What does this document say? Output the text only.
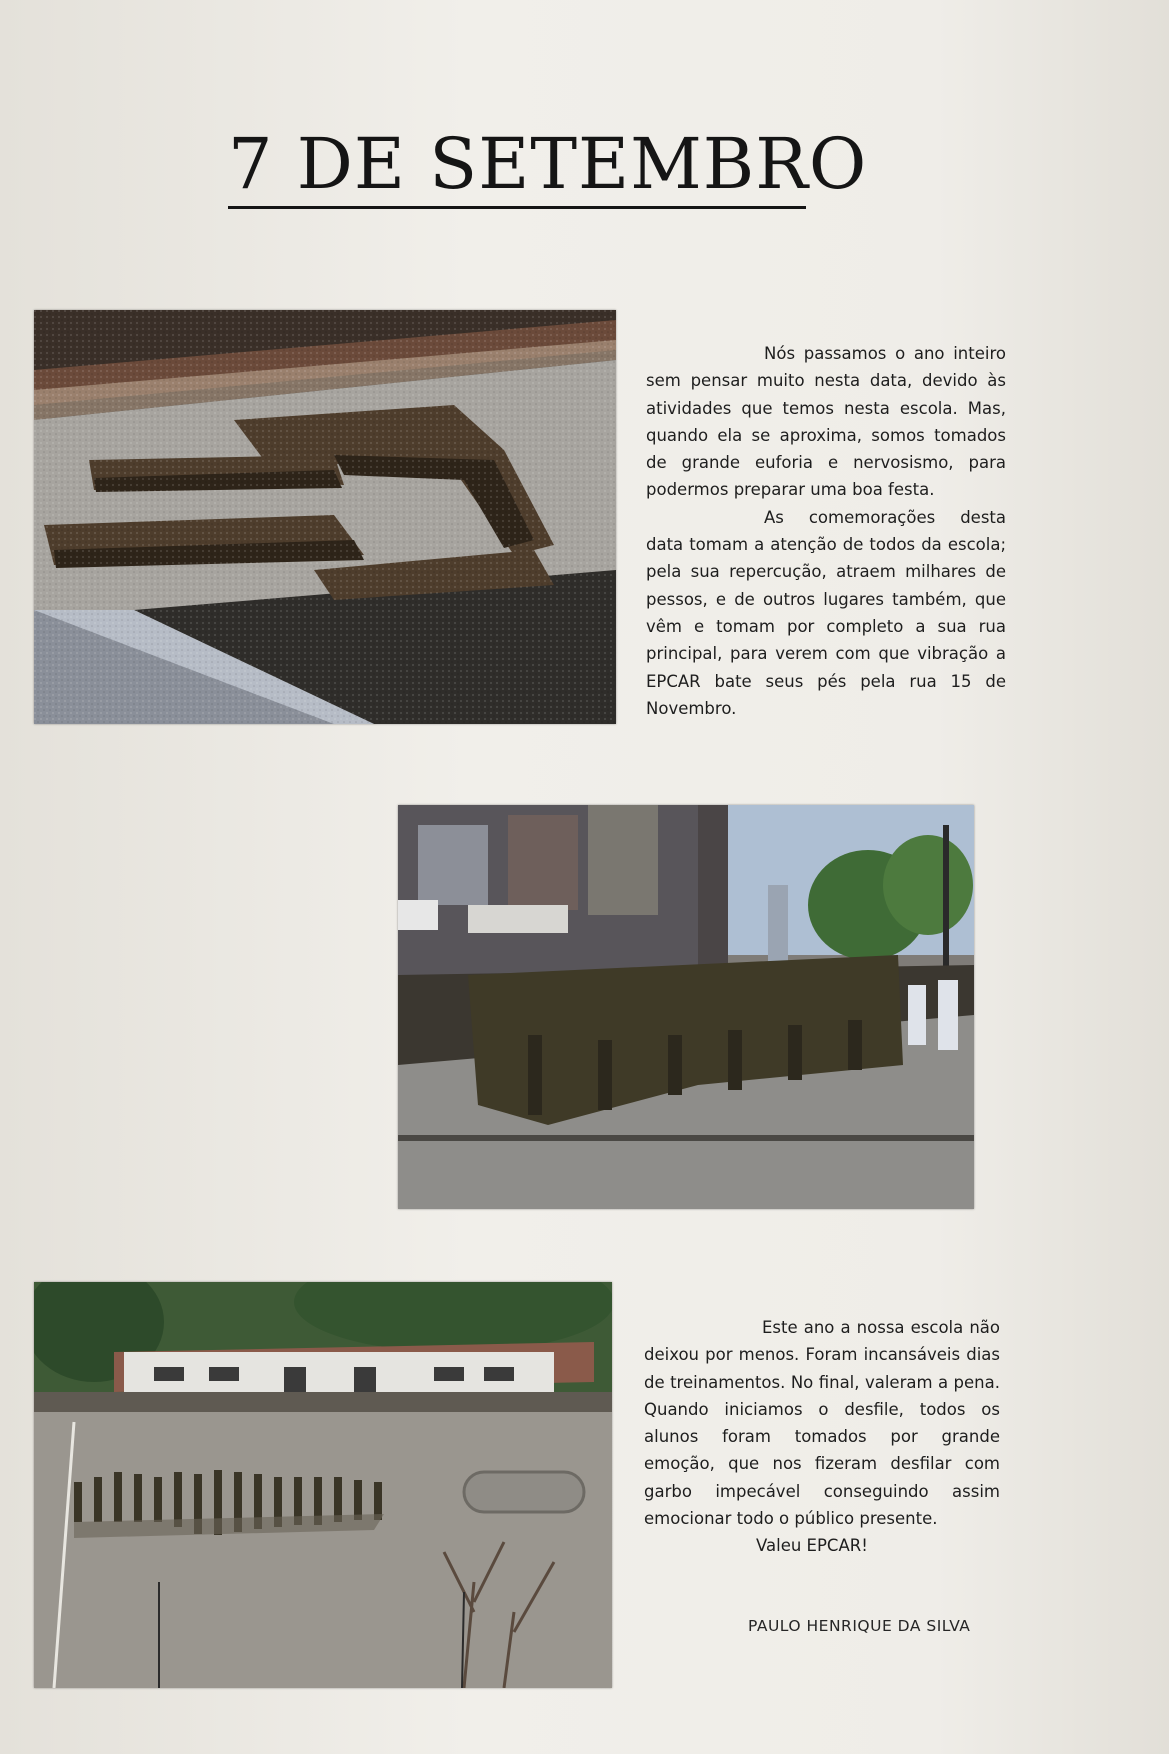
7 DE SETEMBRO

Nós passamos o ano inteiro sem pensar muito nesta data, devido às atividades que temos nesta escola. Mas, quando ela se aproxima, somos tomados de grande euforia e nervosismo, para podermos preparar uma boa festa.

As comemorações desta data tomam a atenção de todos da escola; pela sua repercução, atraem milhares de pessos, e de outros lugares também, que vêm e tomam por completo a sua rua principal, para verem com que vibração a EPCAR bate seus pés pela rua 15 de Novembro.

Este ano a nossa escola não deixou por menos. Foram incansáveis dias de treinamentos. No final, valeram a pena. Quando iniciamos o desfile, todos os alunos foram tomados por grande emoção, que nos fizeram desfilar com garbo impecável conseguindo assim emocionar todo o público presente.

Valeu EPCAR!
PAULO HENRIQUE DA SILVA
